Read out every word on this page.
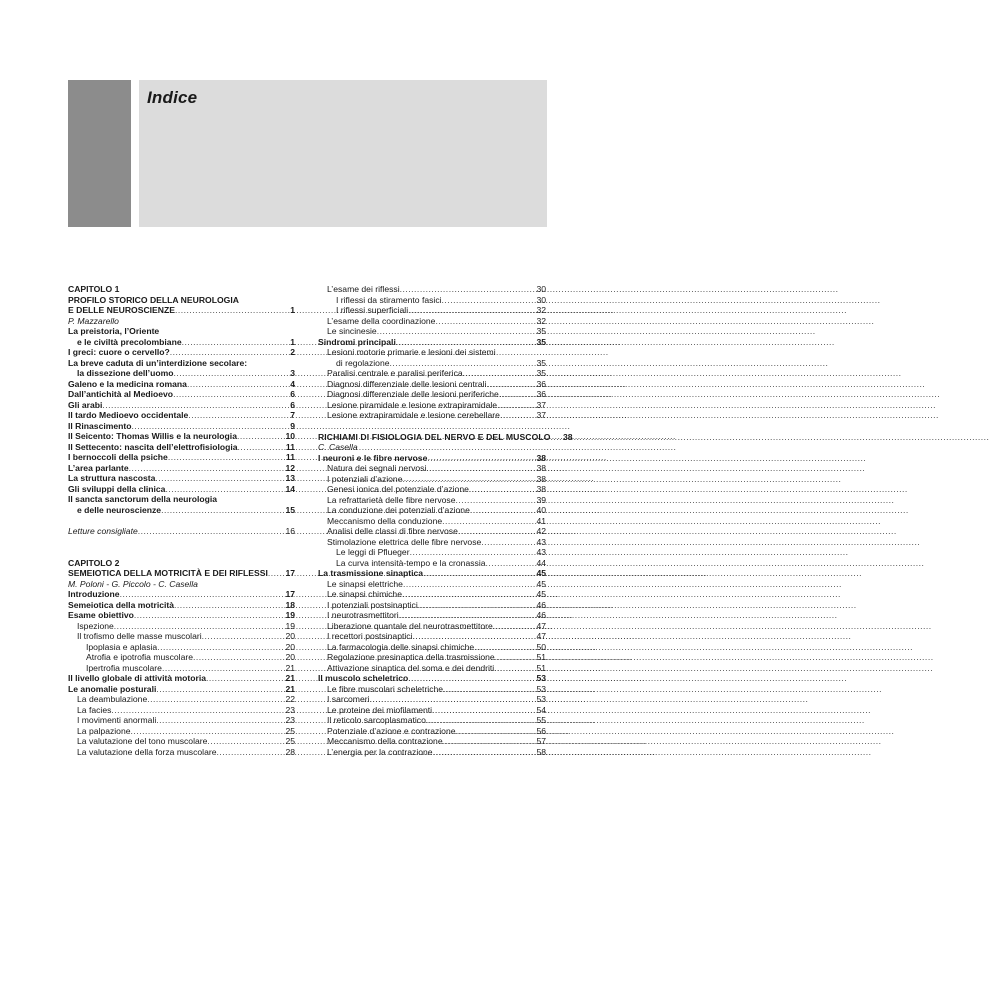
Indice
CAPITOLO 1
PROFILO STORICO DELLA NEUROLOGIA
E DELLE NEUROSCIENZE .....	1
P. Mazzarello
La preistoria, l’Oriente
e le civiltà precolombiane .....	1
I greci: cuore o cervello? .....	2
La breve caduta di un’interdizione secolare:
la dissezione dell’uomo .....	3
Galeno e la medicina romana .....	4
Dall’antichità al Medioevo .....	6
Gli arabi .....	6
Il tardo Medioevo occidentale .....	7
Il Rinascimento .....	9
Il Seicento: Thomas Willis e la neurologia .....	10
Il Settecento: nascita dell’elettrofisiologia .....	11
I bernoccoli della psiche .....	11
L’area parlante .....	12
La struttura nascosta .....	13
Gli sviluppi della clinica .....	14
Il sancta sanctorum della neurologia
e delle neuroscienze .....	15
Letture consigliate .....	16
CAPITOLO 2
SEMEIOTICA DELLA MOTRICITÀ E DEI RIFLESSI .....	17
M. Poloni - G. Piccolo - C. Casella
Introduzione .....	17
Semeiotica della motricità .....	18
Esame obiettivo .....	19
Ispezione .....	19
Il trofismo delle masse muscolari .....	20
Ipoplasia e aplasia .....	20
Atrofia e ipotrofia muscolare .....	20
Ipertrofia muscolare .....	21
Il livello globale di attività motoria .....	21
Le anomalie posturali .....	21
La deambulazione .....	22
La facies .....	23
I movimenti anormali .....	23
La palpazione .....	25
La valutazione del tono muscolare .....	25
La valutazione della forza muscolare .....	28
L’esame dei riflessi .....	30
I riflessi da stiramento fasici .....	30
I riflessi superficiali .....	32
L’esame della coordinazione .....	32
Le sincinesie .....	35
Sindromi principali .....	35
Lesioni motorie primarie e lesioni dei sistemi
di regolazione .....	35
Paralisi centrale e paralisi periferica .....	35
Diagnosi differenziale delle lesioni centrali .....	36
Diagnosi differenziale delle lesioni periferiche. .....	36
Lesione piramidale e lesione extrapiramidale .....	37
Lesione extrapiramidale e lesione cerebellare .....	37
RICHIAMI DI FISIOLOGIA DEL NERVO E DEL MUSCOLO .....	38
C. Casella
I neuroni e le fibre nervose .....	38
Natura dei segnali nervosi .....	38
I potenziali d’azione .....	38
Genesi ionica del potenziale d’azione .....	38
La refrattarietà delle fibre nervose .....	39
La conduzione dei potenziali d’azione .....	40
Meccanismo della conduzione .....	41
Analisi delle classi di fibre nervose .....	42
Stimolazione elettrica delle fibre nervose .....	43
Le leggi di Pflueger .....	43
La curva intensità-tempo e la cronassia .....	44
La trasmissione sinaptica .....	45
Le sinapsi elettriche .....	45
Le sinapsi chimiche .....	45
I potenziali postsinaptici .....	46
I neurotrasmettitori .....	46
Liberazione quantale del neurotrasmettitore .....	47
I recettori postsinaptici .....	47
La farmacologia delle sinapsi chimiche .....	50
Regolazione presinaptica della trasmissione .....	51
Attivazione sinaptica del soma e dei dendriti .....	51
Il muscolo scheletrico .....	53
Le fibre muscolari scheletriche .....	53
I sarcomeri .....	53
Le proteine dei miofilamenti .....	54
Il reticolo sarcoplasmatico .....	55
Potenziale d’azione e contrazione .....	56
Meccanismo della contrazione .....	57
L’energia per la contrazione .....	58
